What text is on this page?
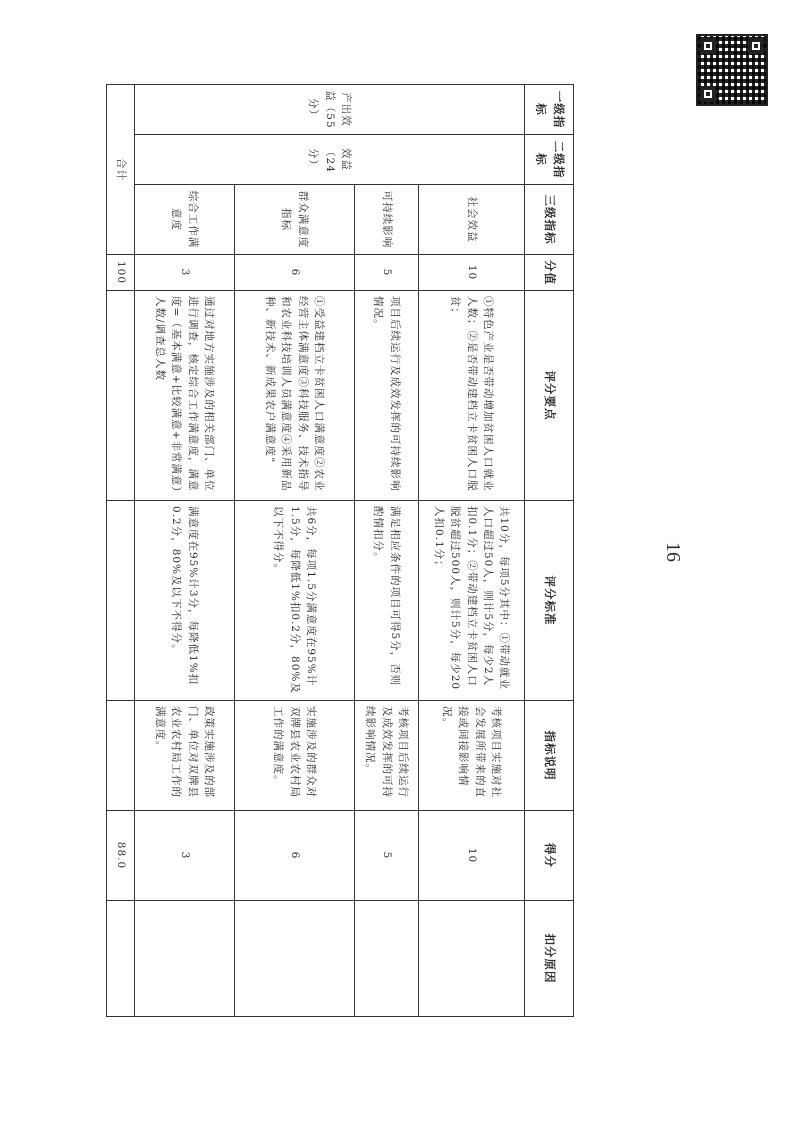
一级指标	二级指标	三级指标	分值	评分要点	评分标准	指标说明	得分	扣分原因
产出效益（55分）	效益（24分）	社会效益	10	①特色产业是否带动增加贫困人口就业人数；②是否带动建档立卡贫困人口脱贫；	共10分，每项5分其中：①带动就业人口超过50人，则计5分，每少2人扣0.1分；②带动建档立卡贫困人口脱贫超过500人，则计5分，每少20人扣0.1分；	考核项目实施对社会发展所带来的直接或间接影响情况。	10	
		可持续影响	5	项目后续运行及成效发挥的可持续影响情况。	满足相应条件的项目可得5分，否则酌情扣分。	考核项目后续运行及成效发挥的可持续影响情况。	5	
		群众满意度指标	6	①受益建档立卡贫困人口满意度②农业经营主体满意度③科技服务、技术指导和农业科技培训人员满意度④采用新品种、新技术、新成果农户满意度”	共6分，每项1.5分满意度在95%计1.5分，每降低1%扣0.2分，80%及以下不得分。	实施涉及的群众对双牌县农业农村局工作的满意度。	6	
		综合工作满意度	3	通过对地方实施涉及的相关部门、单位进行调查，核定综合工作满意度，满意度=（基本满意+比较满意+非常满意）人数/调查总人数	满意度在95%计3分，每降低1%扣0.2分，80%及以下不得分。	政策实施涉及的部门、单位对双牌县农业农村局工作的满意度。	3	
合计			100				88.0	
16
